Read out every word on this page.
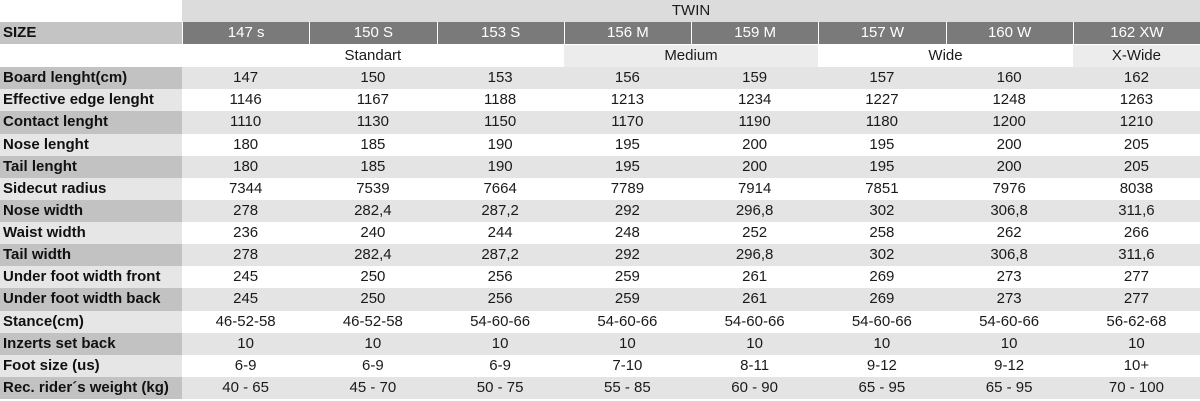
	TWIN							
SIZE	147 s	150 S	153 S	156 M	159 M	157 W	160 W	162 XW
	Standart			Medium		Wide		X-Wide
Board lenght(cm)	147	150	153	156	159	157	160	162
Effective edge lenght	1146	1167	1188	1213	1234	1227	1248	1263
Contact lenght	1110	1130	1150	1170	1190	1180	1200	1210
Nose lenght	180	185	190	195	200	195	200	205
Tail lenght	180	185	190	195	200	195	200	205
Sidecut radius	7344	7539	7664	7789	7914	7851	7976	8038
Nose width	278	282,4	287,2	292	296,8	302	306,8	311,6
Waist width	236	240	244	248	252	258	262	266
Tail width	278	282,4	287,2	292	296,8	302	306,8	311,6
Under foot width front	245	250	256	259	261	269	273	277
Under foot width back	245	250	256	259	261	269	273	277
Stance(cm)	46-52-58	46-52-58	54-60-66	54-60-66	54-60-66	54-60-66	54-60-66	56-62-68
Inzerts set back	10	10	10	10	10	10	10	10
Foot size (us)	6-9	6-9	6-9	7-10	8-11	9-12	9-12	10+
Rec. rider´s weight (kg)	40 - 65	45 - 70	50 - 75	55 - 85	60 - 90	65 - 95	65 - 95	70 - 100
